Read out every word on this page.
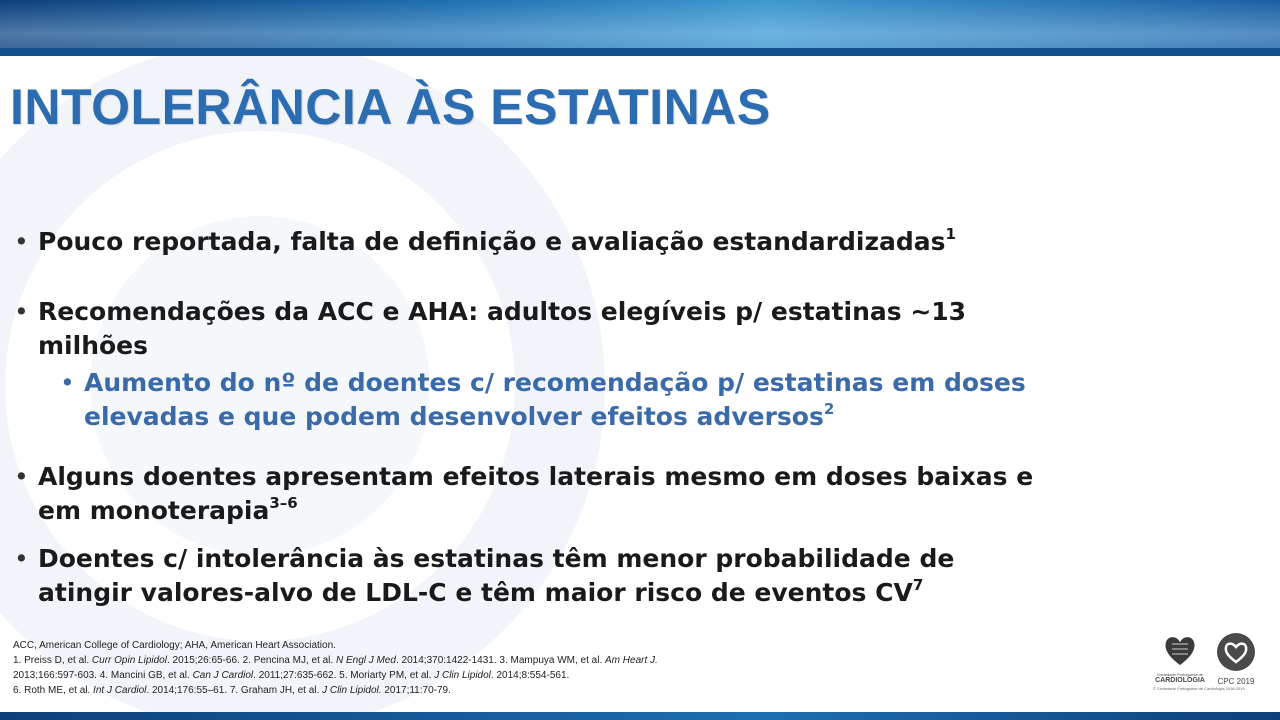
INTOLERÂNCIA ÀS ESTATINAS
• Pouco reportada, falta de definição e avaliação estandardizadas$^1$
• Recomendações da ACC e AHA: adultos elegíveis p/ estatinas ~13 milhões
• Aumento do nº de doentes c/ recomendação p/ estatinas em doses elevadas e que podem desenvolver efeitos adversos$^2$
• Alguns doentes apresentam efeitos laterais mesmo em doses baixas e em monoterapia$^{3-6}$
• Doentes c/ intolerância às estatinas têm menor probabilidade de atingir valores-alvo de LDL-C e têm maior risco de eventos $CV^7$
ACC, American College of Cardiology; AHA, American Heart Association.
1. Preiss D, et al. Curr Opin Lipidol. 2015;26:65-66. 2. Pencina MJ, et al. N Engl J Med. 2014;370:1422-1431. 3. Mampuya WM, et al. Am Heart J.
2013;166:597-603. 4. Mancini GB, et al. Can J Cardiol. 2011;27:635-662. 5. Moriarty PM, et al. J Clin Lipidol. 2014;8:554-561.
6. Roth ME, et al. Int J Cardiol. 2014;176:55–61. 7. Graham JH, et al. J Clin Lipidol. 2017;11:70-79.
Sociedade Portuguesa de
CARDIOLOGIA	CPC 2019
© Sociedade Portuguesa de Cardiologia 2018-2019
